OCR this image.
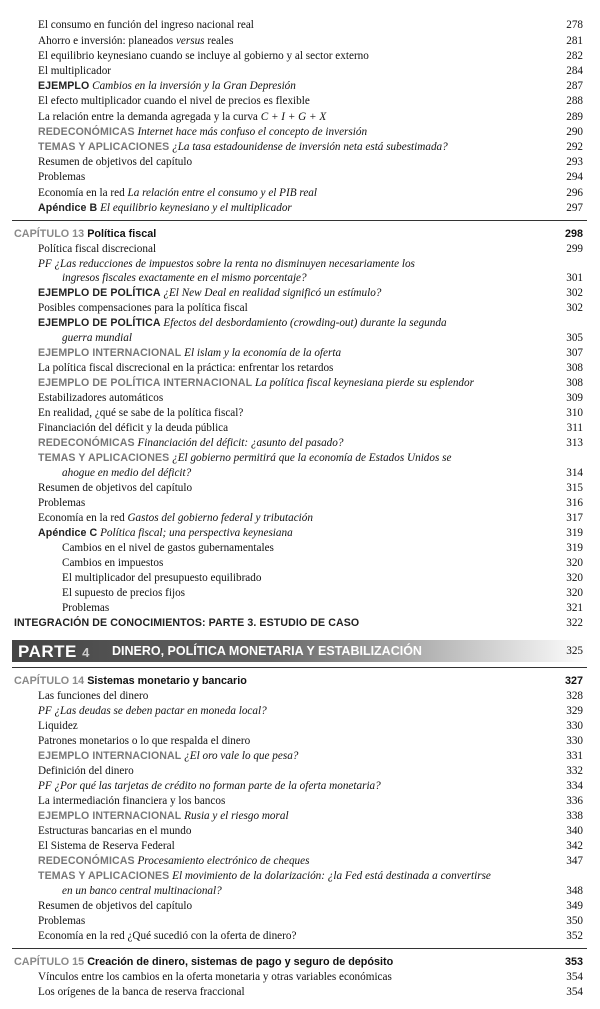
PARTE 4 DINERO, POLÍTICA MONETARIA Y ESTABILIZACIÓN	325
El consumo en función del ingreso nacional real	278
Ahorro e inversión: planeados versus reales	281
El equilibrio keynesiano cuando se incluye al gobierno y al sector externo	282
El multiplicador	284
EJEMPLO Cambios en la inversión y la Gran Depresión	287
El efecto multiplicador cuando el nivel de precios es flexible	288
La relación entre la demanda agregada y la curva C + I + G + X	289
REDECONÓMICAS Internet hace más confuso el concepto de inversión	290
TEMAS Y APLICACIONES ¿La tasa estadounidense de inversión neta está subestimada?	292
Resumen de objetivos del capítulo	293
Problemas	294
Economía en la red La relación entre el consumo y el PIB real	296
Apéndice B El equilibrio keynesiano y el multiplicador	297
CAPÍTULO 13 Política fiscal	298
Política fiscal discrecional	299
PF ¿Las reducciones de impuestos sobre la renta no disminuyen necesariamente los
ingresos fiscales exactamente en el mismo porcentaje?	301
EJEMPLO DE POLÍTICA ¿El New Deal en realidad significó un estímulo?	302
Posibles compensaciones para la política fiscal	302
EJEMPLO DE POLÍTICA Efectos del desbordamiento (crowding-out) durante la segunda
guerra mundial	305
EJEMPLO INTERNACIONAL El islam y la economía de la oferta	307
La política fiscal discrecional en la práctica: enfrentar los retardos	308
EJEMPLO DE POLÍTICA INTERNACIONAL La política fiscal keynesiana pierde su esplendor	308
Estabilizadores automáticos	309
En realidad, ¿qué se sabe de la política fiscal?	310
Financiación del déficit y la deuda pública	311
REDECONÓMICAS Financiación del déficit: ¿asunto del pasado?	313
TEMAS Y APLICACIONES ¿El gobierno permitirá que la economía de Estados Unidos se
ahogue en medio del déficit?	314
Resumen de objetivos del capítulo	315
Problemas	316
Economía en la red Gastos del gobierno federal y tributación	317
Apéndice C Política fiscal; una perspectiva keynesiana	319
Cambios en el nivel de gastos gubernamentales	319
Cambios en impuestos	320
El multiplicador del presupuesto equilibrado	320
El supuesto de precios fijos	320
Problemas	321
INTEGRACIÓN DE CONOCIMIENTOS: PARTE 3. ESTUDIO DE CASO	322
CAPÍTULO 14 Sistemas monetario y bancario	327
Las funciones del dinero	328
PF ¿Las deudas se deben pactar en moneda local?	329
Liquidez	330
Patrones monetarios o lo que respalda el dinero	330
EJEMPLO INTERNACIONAL ¿El oro vale lo que pesa?	331
Definición del dinero	332
PF ¿Por qué las tarjetas de crédito no forman parte de la oferta monetaria?	334
La intermediación financiera y los bancos	336
EJEMPLO INTERNACIONAL Rusia y el riesgo moral	338
Estructuras bancarias en el mundo	340
El Sistema de Reserva Federal	342
REDECONÓMICAS Procesamiento electrónico de cheques	347
TEMAS Y APLICACIONES El movimiento de la dolarización: ¿la Fed está destinada a convertirse
en un banco central multinacional?	348
Resumen de objetivos del capítulo	349
Problemas	350
Economía en la red ¿Qué sucedió con la oferta de dinero?	352
CAPÍTULO 15 Creación de dinero, sistemas de pago y seguro de depósito	353
Vínculos entre los cambios en la oferta monetaria y otras variables económicas	354
Los orígenes de la banca de reserva fraccional	354
